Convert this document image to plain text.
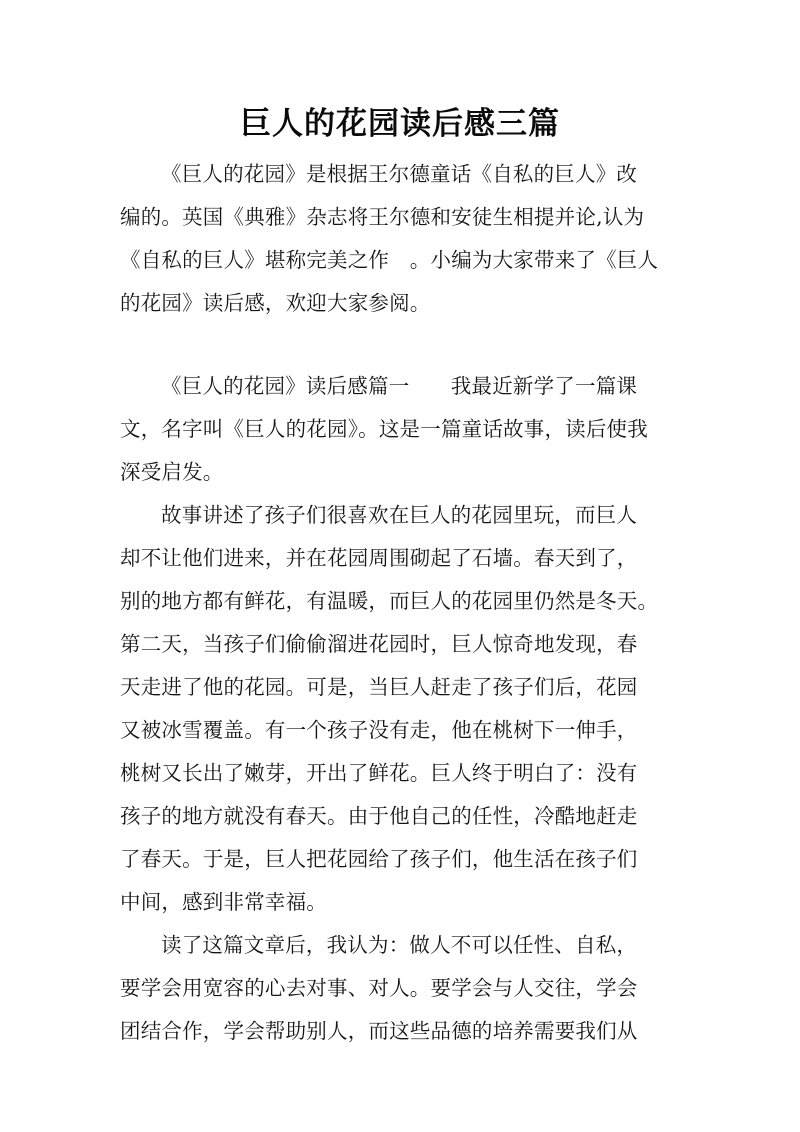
巨人的花园读后感三篇
《巨人的花园》是根据王尔德童话《自私的巨人》改
编的。英国《典雅》杂志将王尔德和安徒生相提并论,认为
《自私的巨人》堪称完美之作　。小编为大家带来了《巨人
的花园》读后感，欢迎大家参阅。
《巨人的花园》读后感篇一　　我最近新学了一篇课
文，名字叫《巨人的花园》。这是一篇童话故事，读后使我
深受启发。
故事讲述了孩子们很喜欢在巨人的花园里玩，而巨人
却不让他们进来，并在花园周围砌起了石墙。春天到了，
别的地方都有鲜花，有温暖，而巨人的花园里仍然是冬天。
第二天，当孩子们偷偷溜进花园时，巨人惊奇地发现，春
天走进了他的花园。可是，当巨人赶走了孩子们后，花园
又被冰雪覆盖。有一个孩子没有走，他在桃树下一伸手，
桃树又长出了嫩芽，开出了鲜花。巨人终于明白了：没有
孩子的地方就没有春天。由于他自己的任性，冷酷地赶走
了春天。于是，巨人把花园给了孩子们，他生活在孩子们
中间，感到非常幸福。
读了这篇文章后，我认为：做人不可以任性、自私，
要学会用宽容的心去对事、对人。要学会与人交往，学会
团结合作，学会帮助别人，而这些品德的培养需要我们从
